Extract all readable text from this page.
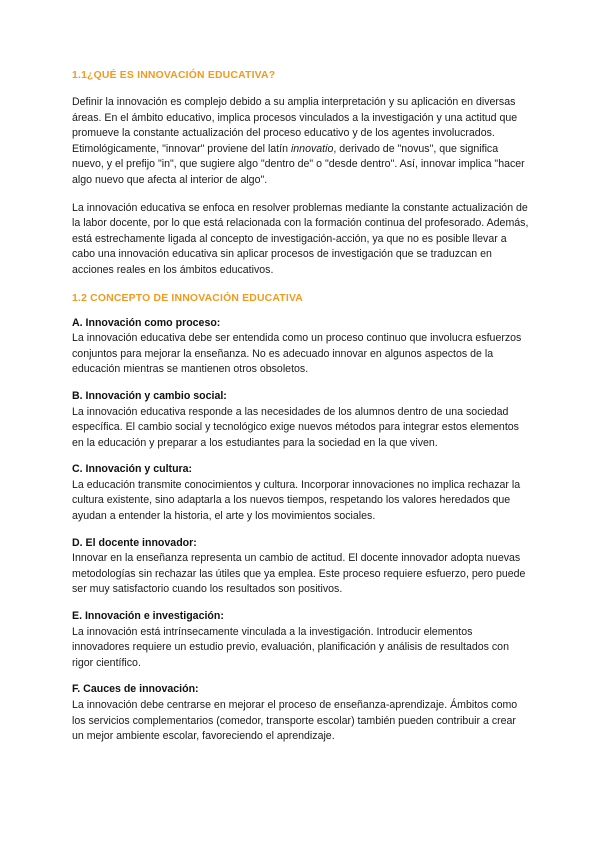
1.1¿QUÉ ES INNOVACIÓN EDUCATIVA?

Definir la innovación es complejo debido a su amplia interpretación y su aplicación en diversas áreas. En el ámbito educativo, implica procesos vinculados a la investigación y una actitud que promueve la constante actualización del proceso educativo y de los agentes involucrados. Etimológicamente, "innovar" proviene del latín innovatio, derivado de "novus", que significa nuevo, y el prefijo "in", que sugiere algo "dentro de" o "desde dentro". Así, innovar implica "hacer algo nuevo que afecta al interior de algo".

La innovación educativa se enfoca en resolver problemas mediante la constante actualización de la labor docente, por lo que está relacionada con la formación continua del profesorado. Además, está estrechamente ligada al concepto de investigación-acción, ya que no es posible llevar a cabo una innovación educativa sin aplicar procesos de investigación que se traduzcan en acciones reales en los ámbitos educativos.

1.2 CONCEPTO DE INNOVACIÓN EDUCATIVA
A. Innovación como proceso:
La innovación educativa debe ser entendida como un proceso continuo que involucra esfuerzos conjuntos para mejorar la enseñanza. No es adecuado innovar en algunos aspectos de la educación mientras se mantienen otros obsoletos.
B. Innovación y cambio social:
La innovación educativa responde a las necesidades de los alumnos dentro de una sociedad específica. El cambio social y tecnológico exige nuevos métodos para integrar estos elementos en la educación y preparar a los estudiantes para la sociedad en la que viven.
C. Innovación y cultura:
La educación transmite conocimientos y cultura. Incorporar innovaciones no implica rechazar la cultura existente, sino adaptarla a los nuevos tiempos, respetando los valores heredados que ayudan a entender la historia, el arte y los movimientos sociales.
D. El docente innovador:
Innovar en la enseñanza representa un cambio de actitud. El docente innovador adopta nuevas metodologías sin rechazar las útiles que ya emplea. Este proceso requiere esfuerzo, pero puede ser muy satisfactorio cuando los resultados son positivos.
E. Innovación e investigación:
La innovación está intrínsecamente vinculada a la investigación. Introducir elementos innovadores requiere un estudio previo, evaluación, planificación y análisis de resultados con rigor científico.
F. Cauces de innovación:
La innovación debe centrarse en mejorar el proceso de enseñanza-aprendizaje. Ámbitos como los servicios complementarios (comedor, transporte escolar) también pueden contribuir a crear un mejor ambiente escolar, favoreciendo el aprendizaje.
